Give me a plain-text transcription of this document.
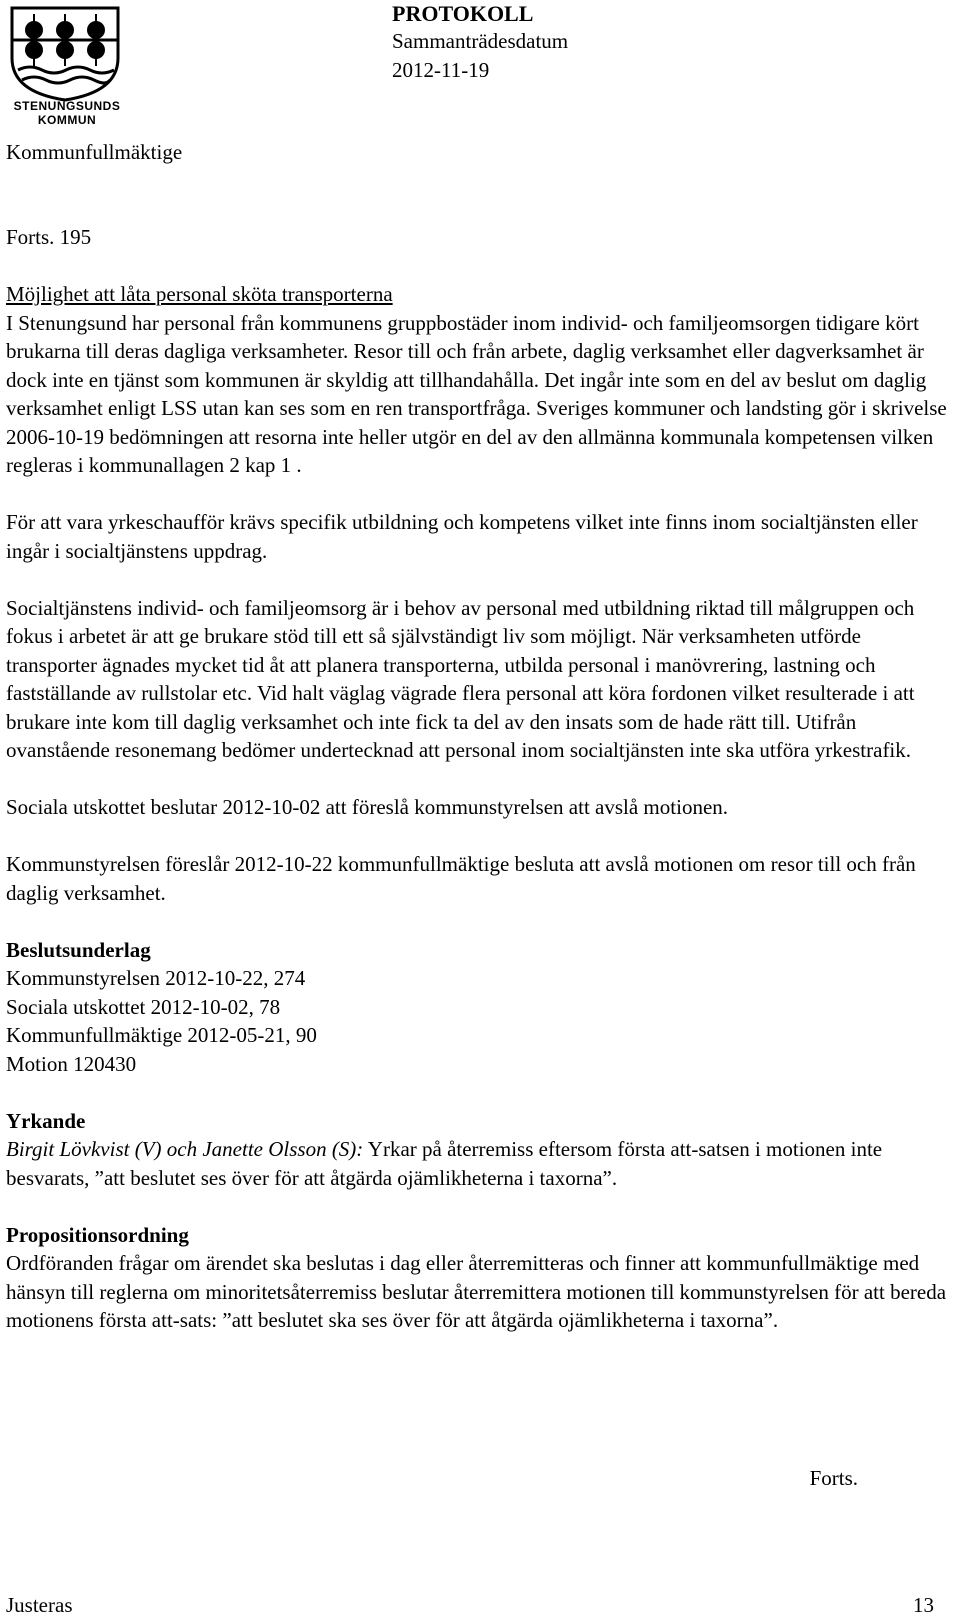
STENUNGSUNDS
KOMMUN
PROTOKOLL
Sammanträdesdatum
2012-11-19
Kommunfullmäktige

Forts. 195

Möjlighet att låta personal sköta transporterna

I Stenungsund har personal från kommunens gruppbostäder inom individ- och familjeomsorgen tidigare kört brukarna till deras dagliga verksamheter. Resor till och från arbete, daglig verksamhet eller dagverksamhet är dock inte en tjänst som kommunen är skyldig att tillhandahålla. Det ingår inte som en del av beslut om daglig verksamhet enligt LSS utan kan ses som en ren transportfråga. Sveriges kommuner och landsting gör i skrivelse 2006-10-19 bedömningen att resorna inte heller utgör en del av den allmänna kommunala kompetensen vilken regleras i kommunallagen 2 kap 1 .

För att vara yrkeschaufför krävs specifik utbildning och kompetens vilket inte finns inom socialtjänsten eller ingår i socialtjänstens uppdrag.

Socialtjänstens individ- och familjeomsorg är i behov av personal med utbildning riktad till målgruppen och fokus i arbetet är att ge brukare stöd till ett så självständigt liv som möjligt. När verksamheten utförde transporter ägnades mycket tid åt att planera transporterna, utbilda personal i manövrering, lastning och fastställande av rullstolar etc. Vid halt väglag vägrade flera personal att köra fordonen vilket resulterade i att brukare inte kom till daglig verksamhet och inte fick ta del av den insats som de hade rätt till. Utifrån ovanstående resonemang bedömer undertecknad att personal inom socialtjänsten inte ska utföra yrkestrafik.

Sociala utskottet beslutar 2012-10-02 att föreslå kommunstyrelsen att avslå motionen.

Kommunstyrelsen föreslår 2012-10-22 kommunfullmäktige besluta att avslå motionen om resor till och från daglig verksamhet.

Beslutsunderlag

Kommunstyrelsen 2012-10-22, 274

Sociala utskottet 2012-10-02, 78

Kommunfullmäktige 2012-05-21, 90

Motion 120430

Yrkande

Birgit Lövkvist (V) och Janette Olsson (S): Yrkar på återremiss eftersom första att-satsen i motionen inte besvarats, ”att beslutet ses över för att åtgärda ojämlikheterna i taxorna”.

Propositionsordning

Ordföranden frågar om ärendet ska beslutas i dag eller återremitteras och finner att kommunfullmäktige med hänsyn till reglerna om minoritetsåterremiss beslutar återremittera motionen till kommunstyrelsen för att bereda motionens första att-sats: ”att beslutet ska ses över för att åtgärda ojämlikheterna i taxorna”.

Forts.
Justeras	13
